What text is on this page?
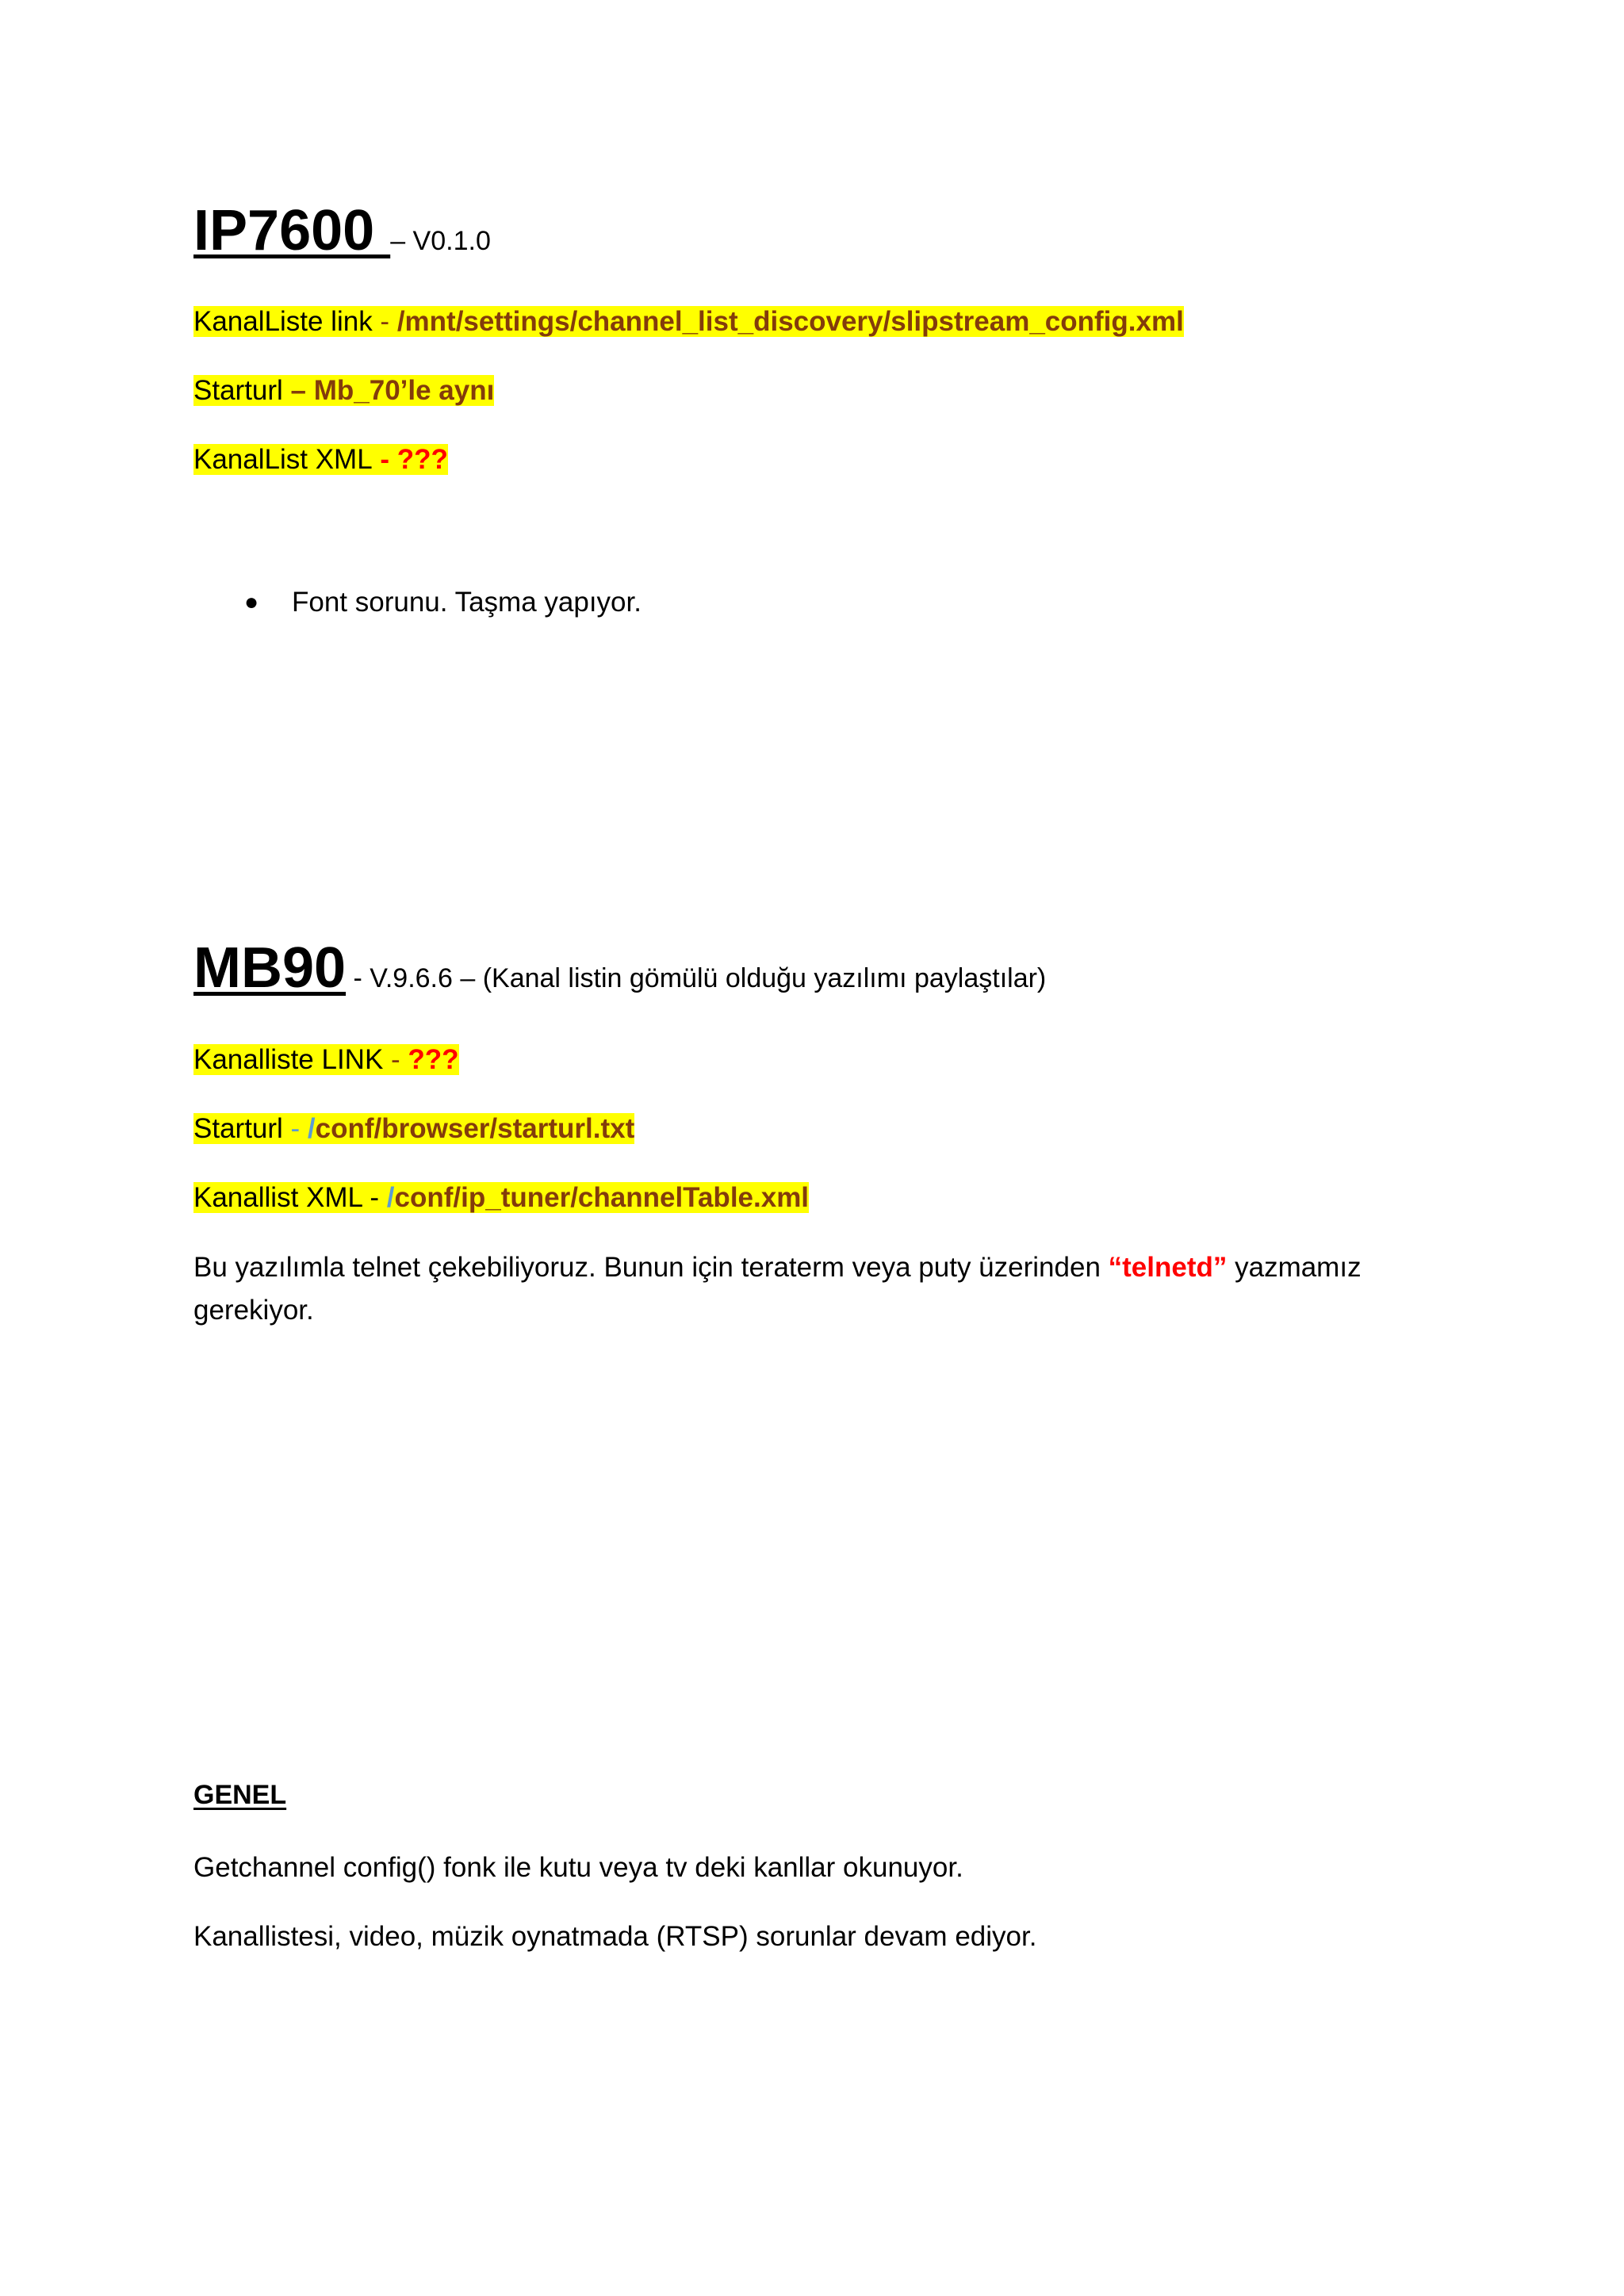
IP7600 – V0.1.0
KanalListe link - /mnt/settings/channel_list_discovery/slipstream_config.xml
Starturl – Mb_70’le aynı
KanalList XML - ???
● Font sorunu. Taşma yapıyor.
MB90 - V.9.6.6 – (Kanal listin gömülü olduğu yazılımı paylaştılar)
Kanalliste LINK - ???
Starturl - /conf/browser/starturl.txt
Kanallist XML - /conf/ip_tuner/channelTable.xml
Bu yazılımla telnet çekebiliyoruz. Bunun için teraterm veya puty üzerinden “telnetd” yazmamız gerekiyor.
GENEL
Getchannel config() fonk ile kutu veya tv deki kanllar okunuyor.
Kanallistesi, video, müzik oynatmada (RTSP) sorunlar devam ediyor.
